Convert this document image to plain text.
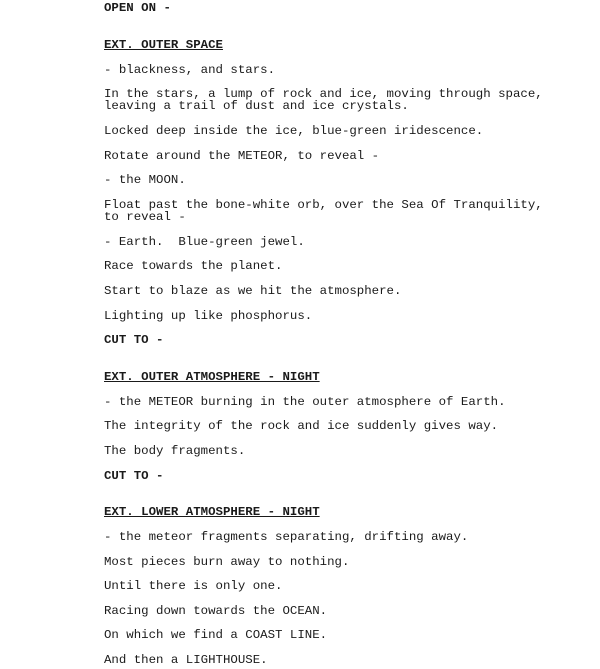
OPEN ON -
EXT. OUTER SPACE
- blackness, and stars.
In the stars, a lump of rock and ice, moving through space,
leaving a trail of dust and ice crystals.
Locked deep inside the ice, blue-green iridescence.
Rotate around the METEOR, to reveal -
- the MOON.
Float past the bone-white orb, over the Sea Of Tranquility,
to reveal -
- Earth.  Blue-green jewel.
Race towards the planet.
Start to blaze as we hit the atmosphere.
Lighting up like phosphorus.
CUT TO -
EXT. OUTER ATMOSPHERE - NIGHT
- the METEOR burning in the outer atmosphere of Earth.
The integrity of the rock and ice suddenly gives way.
The body fragments.
CUT TO -
EXT. LOWER ATMOSPHERE - NIGHT
- the meteor fragments separating, drifting away.
Most pieces burn away to nothing.
Until there is only one.
Racing down towards the OCEAN.
On which we find a COAST LINE.
And then a LIGHTHOUSE.
